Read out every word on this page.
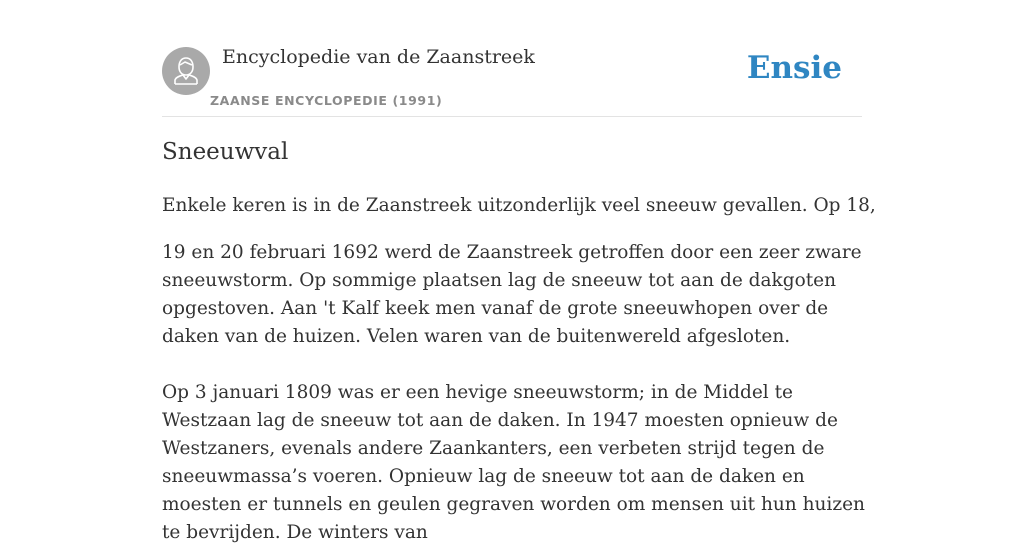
Encyclopedie van de Zaanstreek
ZAANSE ENCYCLOPEDIE (1991)
Ensie
Sneeuwval

Enkele keren is in de Zaanstreek uitzonderlijk veel sneeuw gevallen. Op 18,

19 en 20 februari 1692 werd de Zaanstreek getroffen door een zeer zware sneeuwstorm. Op sommige plaatsen lag de sneeuw tot aan de dakgoten opgestoven. Aan 't Kalf keek men vanaf de grote sneeuwhopen over de daken van de huizen. Velen waren van de buitenwereld afgesloten.

Op 3 januari 1809 was er een hevige sneeuwstorm; in de Middel te Westzaan lag de sneeuw tot aan de daken. In 1947 moesten opnieuw de Westzaners, evenals andere Zaankanters, een verbeten strijd tegen de sneeuwmassa’s voeren. Opnieuw lag de sneeuw tot aan de daken en moesten er tunnels en geulen gegraven worden om mensen uit hun huizen te bevrijden. De winters van
